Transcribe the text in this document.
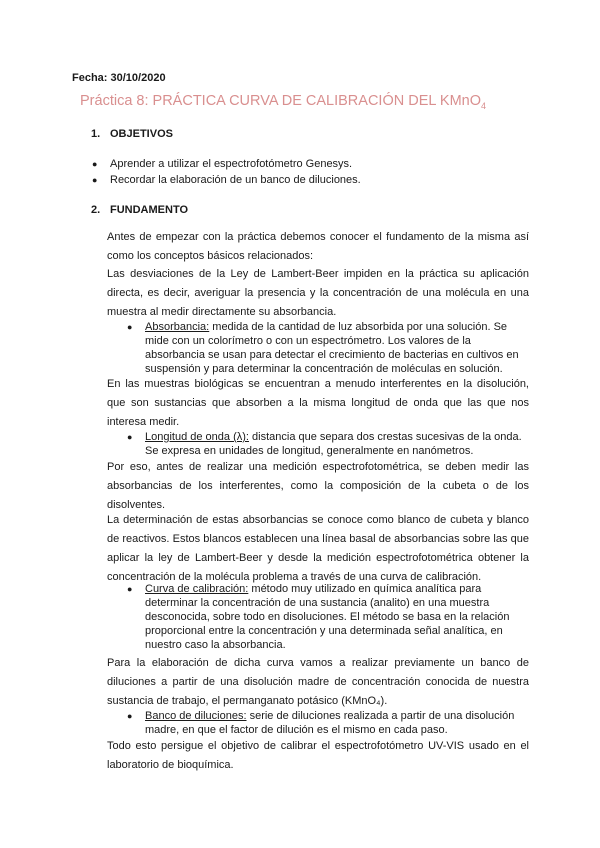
Fecha: 30/10/2020
Práctica 8: PRÁCTICA CURVA DE CALIBRACIÓN DEL KMnO$_4$
1. OBJETIVOS
● Aprender a utilizar el espectrofotómetro Genesys.
● Recordar la elaboración de un banco de diluciones.
2. FUNDAMENTO
Antes de empezar con la práctica debemos conocer el fundamento de la misma así como los conceptos básicos relacionados:
Las desviaciones de la Ley de Lambert-Beer impiden en la práctica su aplicación directa, es decir, averiguar la presencia y la concentración de una molécula en una muestra al medir directamente su absorbancia.
●	Absorbancia: medida de la cantidad de luz absorbida por una solución. Se mide con un colorímetro o con un espectrómetro. Los valores de la absorbancia se usan para detectar el crecimiento de bacterias en cultivos en suspensión y para determinar la concentración de moléculas en solución.
En las muestras biológicas se encuentran a menudo interferentes en la disolución, que son sustancias que absorben a la misma longitud de onda que las que nos interesa medir.
●	Longitud de onda (λ): distancia que separa dos crestas sucesivas de la onda. Se expresa en unidades de longitud, generalmente en nanómetros.
Por eso, antes de realizar una medición espectrofotométrica, se deben medir las absorbancias de los interferentes, como la composición de la cubeta o de los disolventes.
La determinación de estas absorbancias se conoce como blanco de cubeta y blanco de reactivos. Estos blancos establecen una línea basal de absorbancias sobre las que aplicar la ley de Lambert-Beer y desde la medición espectrofotométrica obtener la concentración de la molécula problema a través de una curva de calibración.
●	Curva de calibración: método muy utilizado en química analítica para determinar la concentración de una sustancia (analito) en una muestra desconocida, sobre todo en disoluciones. El método se basa en la relación proporcional entre la concentración y una determinada señal analítica, en nuestro caso la absorbancia.
Para la elaboración de dicha curva vamos a realizar previamente un banco de diluciones a partir de una disolución madre de concentración conocida de nuestra sustancia de trabajo, el permanganato potásico (KMnO₄).
●	Banco de diluciones: serie de diluciones realizada a partir de una disolución madre, en que el factor de dilución es el mismo en cada paso.
Todo esto persigue el objetivo de calibrar el espectrofotómetro UV-VIS usado en el laboratorio de bioquímica.
